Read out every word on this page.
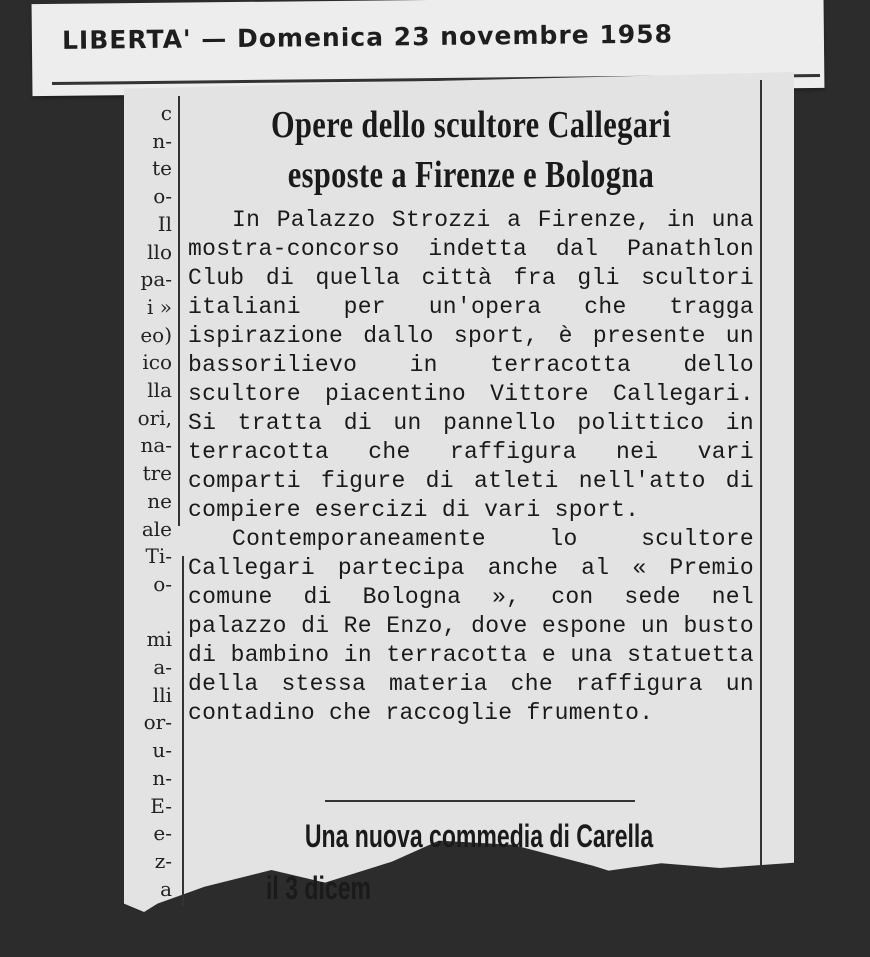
LIBERTA' — Domenica 23 novembre 1958
c
n-
te
o-
Il
llo
pa-
i »
eo)
ico
lla
ori,
na-
tre
ne
ale
Ti-
o-

mi
a-
lli
or-
u-
n-
E-
e-
z-
a
Opere dello scultore Callegari
esposte a Firenze e Bologna

In Palazzo Strozzi a Firenze, in una mostra-concorso indetta dal Panathlon Club di quella città fra gli scultori italiani per un'opera che tragga ispirazione dallo sport, è presente un bassorilievo in terracotta dello scultore piacentino Vittore Callegari. Si tratta di un pannello polittico in terracotta che raffigura nei vari comparti figure di atleti nell'atto di compiere esercizi di vari sport.

Contemporaneamente lo scultore Callegari partecipa anche al « Premio comune di Bologna », con sede nel palazzo di Re Enzo, dove espone un busto di bambino in terracotta e una statuetta della stessa materia che raffigura un contadino che raccoglie frumento.

Una nuova commedia di Carella
il 3 dicem
